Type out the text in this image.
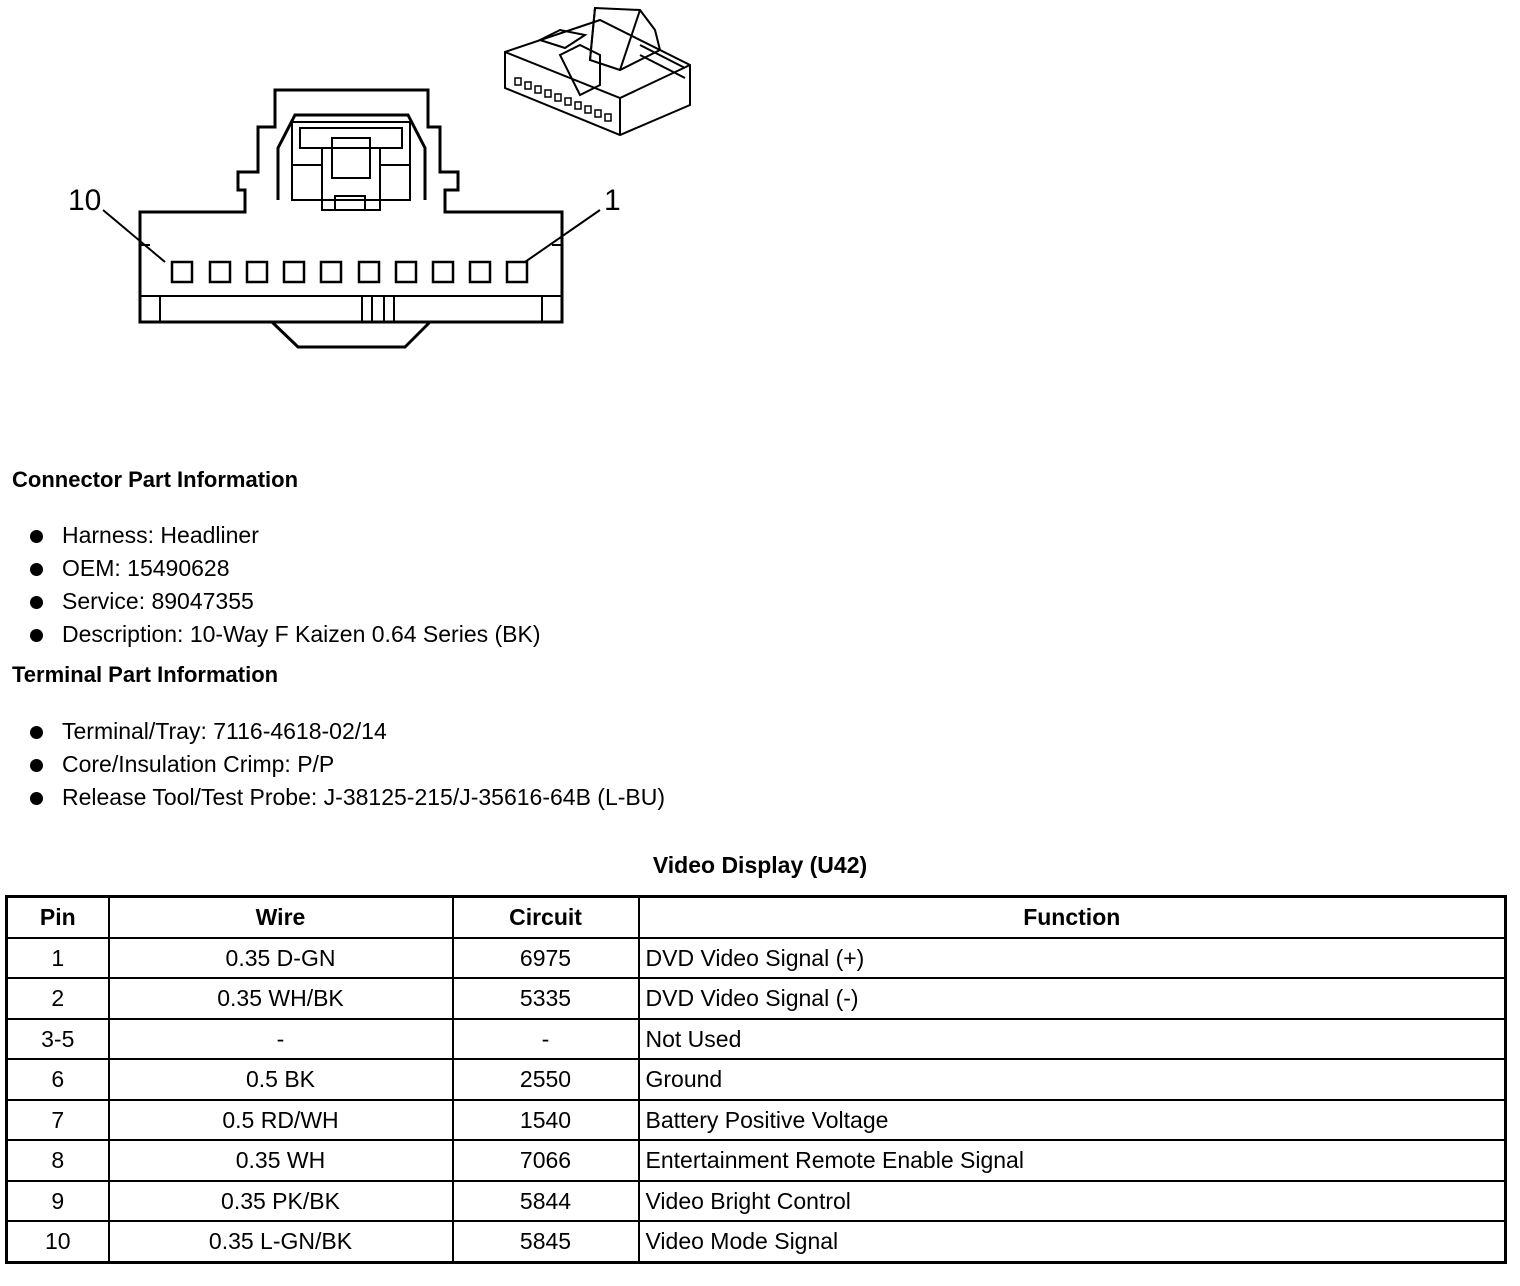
10	1
Connector Part Information
Harness: Headliner
OEM: 15490628
Service: 89047355
Description: 10-Way F Kaizen 0.64 Series (BK)
Terminal Part Information
Terminal/Tray: 7116-4618-02/14
Core/Insulation Crimp: P/P
Release Tool/Test Probe: J-38125-215/J-35616-64B (L-BU)
Video Display (U42)
Pin	Wire	Circuit	Function
1	0.35 D-GN	6975	DVD Video Signal (+)
2	0.35 WH/BK	5335	DVD Video Signal (-)
3-5	-	-	Not Used
6	0.5 BK	2550	Ground
7	0.5 RD/WH	1540	Battery Positive Voltage
8	0.35 WH	7066	Entertainment Remote Enable Signal
9	0.35 PK/BK	5844	Video Bright Control
10	0.35 L-GN/BK	5845	Video Mode Signal
